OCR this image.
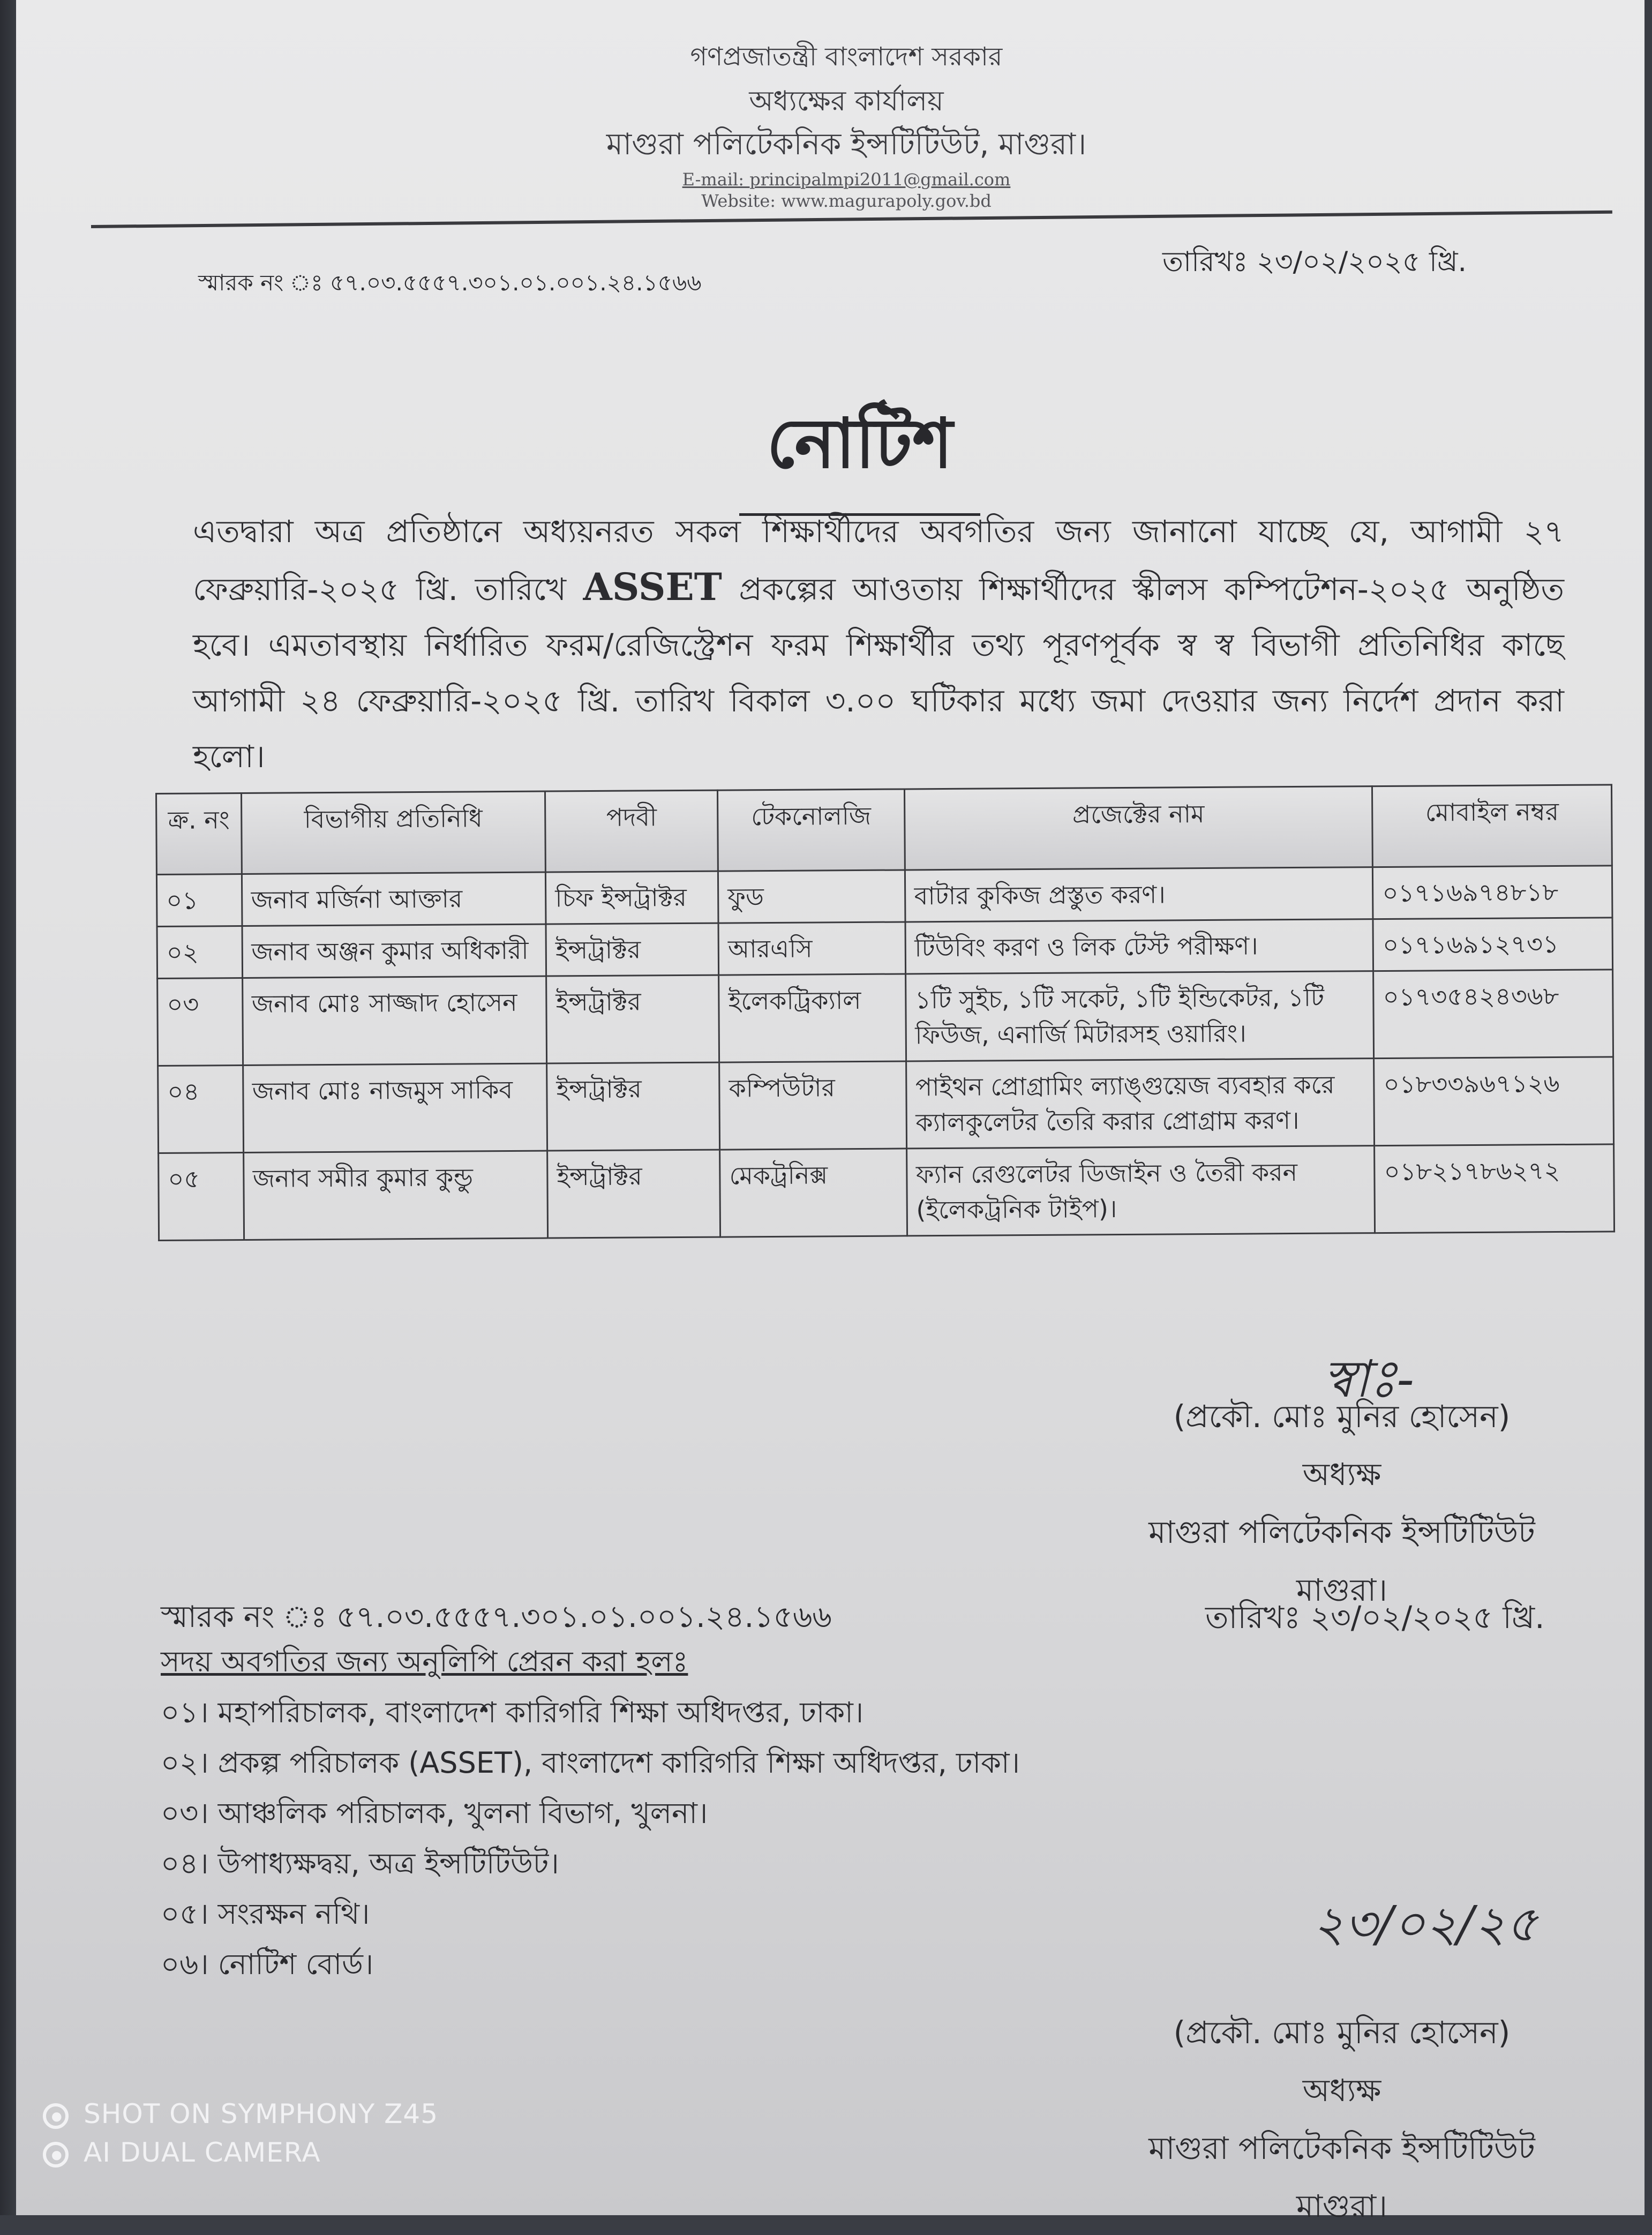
গণপ্রজাতন্ত্রী বাংলাদেশ সরকার
অধ্যক্ষের কার্যালয়
মাগুরা পলিটেকনিক ইন্সটিটিউট, মাগুরা।
E-mail: principalmpi2011@gmail.com
Website: www.magurapoly.gov.bd
তারিখঃ ২৩/০২/২০২৫ খ্রি.
স্মারক নং ঃ ৫৭.০৩.৫৫৫৭.৩০১.০১.০০১.২৪.১৫৬৬
নোটিশ
এতদ্বারা অত্র প্রতিষ্ঠানে অধ্যয়নরত সকল শিক্ষার্থীদের অবগতির জন্য জানানো যাচ্ছে যে, আগামী ২৭ ফেব্রুয়ারি-২০২৫ খ্রি. তারিখে ASSET প্রকল্পের আওতায় শিক্ষার্থীদের স্কীলস কম্পিটেশন-২০২৫ অনুষ্ঠিত হবে। এমতাবস্থায় নির্ধারিত ফরম/রেজিস্ট্রেশন ফরম শিক্ষার্থীর তথ্য পূরণপূর্বক স্ব স্ব বিভাগী প্রতিনিধির কাছে আগামী ২৪ ফেব্রুয়ারি-২০২৫ খ্রি. তারিখ বিকাল ৩.০০ ঘটিকার মধ্যে জমা দেওয়ার জন্য নির্দেশ প্রদান করা হলো।
ক্র. নং	বিভাগীয় প্রতিনিধি	পদবী	টেকনোলজি	প্রজেক্টের নাম	মোবাইল নম্বর
০১	জনাব মর্জিনা আক্তার	চিফ ইন্সট্রাক্টর	ফুড	বাটার কুকিজ প্রস্তুত করণ।	০১৭১৬৯৭৪৮১৮
০২	জনাব অঞ্জন কুমার অধিকারী	ইন্সট্রাক্টর	আরএসি	টিউবিং করণ ও লিক টেস্ট পরীক্ষণ।	০১৭১৬৯১২৭৩১
০৩	জনাব মোঃ সাজ্জাদ হোসেন	ইন্সট্রাক্টর	ইলেকট্রিক্যাল	১টি সুইচ, ১টি সকেট, ১টি ইন্ডিকেটর, ১টি ফিউজ, এনার্জি মিটারসহ ওয়ারিং।	০১৭৩৫৪২৪৩৬৮
০৪	জনাব মোঃ নাজমুস সাকিব	ইন্সট্রাক্টর	কম্পিউটার	পাইথন প্রোগ্রামিং ল্যাঙ্গুয়েজ ব্যবহার করে ক্যালকুলেটর তৈরি করার প্রোগ্রাম করণ।	০১৮৩৩৯৬৭১২৬
০৫	জনাব সমীর কুমার কুন্ডু	ইন্সট্রাক্টর	মেকট্রনিক্স	ফ্যান রেগুলেটর ডিজাইন ও তৈরী করন (ইলেকট্রনিক টাইপ)।	০১৮২১৭৮৬২৭২
স্বাঃ-
(প্রকৌ. মোঃ মুনির হোসেন)
অধ্যক্ষ
মাগুরা পলিটেকনিক ইন্সটিটিউট
মাগুরা।
স্মারক নং ঃ ৫৭.০৩.৫৫৫৭.৩০১.০১.০০১.২৪.১৫৬৬	তারিখঃ ২৩/০২/২০২৫ খ্রি.
সদয় অবগতির জন্য অনুলিপি প্রেরন করা হলঃ
০১। মহাপরিচালক, বাংলাদেশ কারিগরি শিক্ষা অধিদপ্তর, ঢাকা।
০২। প্রকল্প পরিচালক (ASSET), বাংলাদেশ কারিগরি শিক্ষা অধিদপ্তর, ঢাকা।
০৩। আঞ্চলিক পরিচালক, খুলনা বিভাগ, খুলনা।
০৪। উপাধ্যক্ষদ্বয়, অত্র ইন্সটিটিউট।
০৫। সংরক্ষন নথি।
০৬। নোটিশ বোর্ড।
২৩/০২/২৫
(প্রকৌ. মোঃ মুনির হোসেন)
অধ্যক্ষ
মাগুরা পলিটেকনিক ইন্সটিটিউট
মাগুরা।
SHOT ON SYMPHONY Z45
AI DUAL CAMERA
